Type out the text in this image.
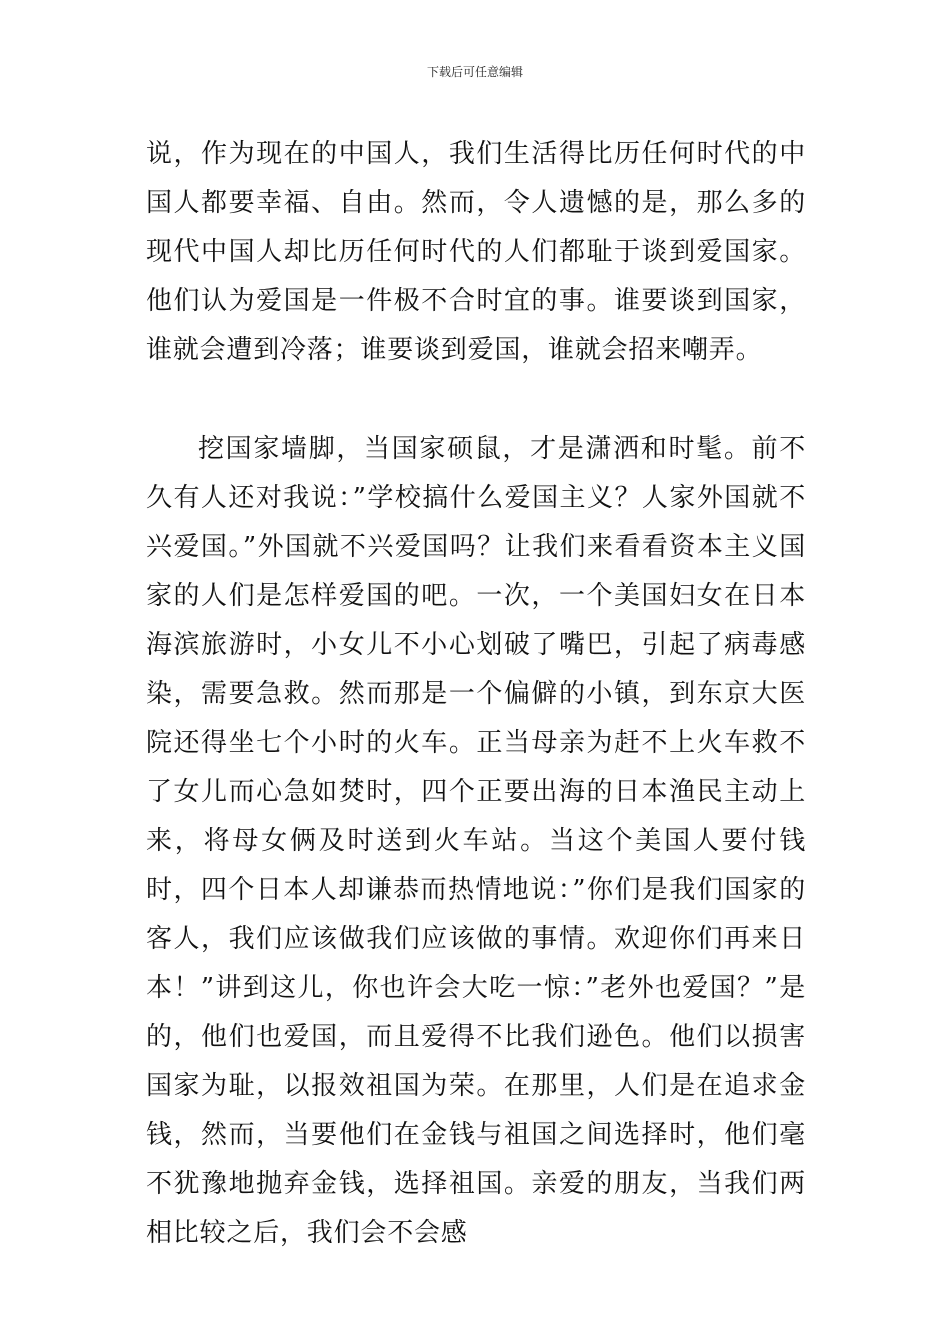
下载后可任意编辑

说，作为现在的中国人，我们生活得比历任何时代的中国人都要幸福、自由。然而，令人遗憾的是，那么多的现代中国人却比历任何时代的人们都耻于谈到爱国家。他们认为爱国是一件极不合时宜的事。谁要谈到国家，谁就会遭到冷落；谁要谈到爱国，谁就会招来嘲弄。

挖国家墙脚，当国家硕鼠，才是潇洒和时髦。前不久有人还对我说：”学校搞什么爱国主义？人家外国就不兴爱国。”外国就不兴爱国吗？让我们来看看资本主义国家的人们是怎样爱国的吧。一次，一个美国妇女在日本海滨旅游时，小女儿不小心划破了嘴巴，引起了病毒感染，需要急救。然而那是一个偏僻的小镇，到东京大医院还得坐七个小时的火车。正当母亲为赶不上火车救不了女儿而心急如焚时，四个正要出海的日本渔民主动上来，将母女俩及时送到火车站。当这个美国人要付钱时，四个日本人却谦恭而热情地说：”你们是我们国家的客人，我们应该做我们应该做的事情。欢迎你们再来日本！”讲到这儿，你也许会大吃一惊：”老外也爱国？”是的，他们也爱国，而且爱得不比我们逊色。他们以损害国家为耻，以报效祖国为荣。在那里，人们是在追求金钱，然而，当要他们在金钱与祖国之间选择时，他们毫不犹豫地抛弃金钱，选择祖国。亲爱的朋友，当我们两相比较之后，我们会不会感
